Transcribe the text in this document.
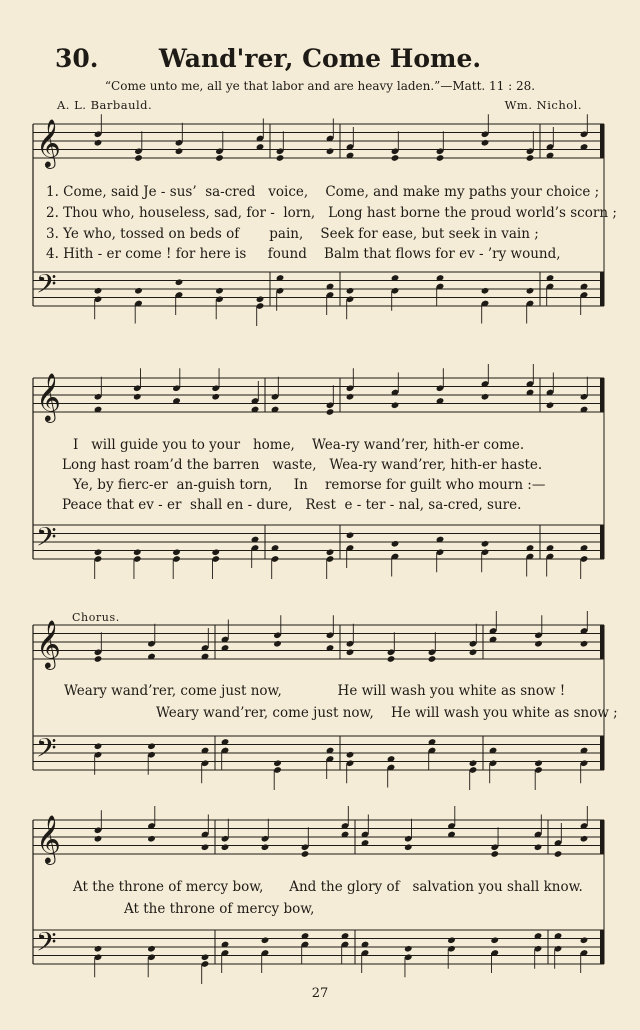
30.	Wand'rer, Come Home.
“Come unto me, all ye that labor and are heavy laden.”—Matt. 11 : 28.
A. L. Barbauld.	Wm. Nichol.
𝄞
𝄢
𝄞
𝄢
𝄞
𝄢
𝄞
𝄢
1. Come, said Je - sus’  sa-cred   voice,    Come, and make my paths your choice ;
2. Thou who, houseless, sad, for -  lorn,   Long hast borne the proud world’s scorn ;
3. Ye who, tossed on beds of       pain,    Seek for ease, but seek in vain ;
4. Hith - er come ! for here is     found    Balm that flows for ev - ’ry wound,
I   will guide you to your   home,    Wea-ry wand’rer, hith-er come.
Long hast roam’d the barren   waste,   Wea-ry wand’rer, hith-er haste.
Ye, by fierc-er  an-guish torn,     In    remorse for guilt who mourn :—
Peace that ev - er  shall en - dure,   Rest  e - ter - nal, sa-cred, sure.
Chorus.
Weary wand’rer, come just now,             He will wash you white as snow !
Weary wand’rer, come just now,    He will wash you white as snow ;
At the throne of mercy bow,      And the glory of   salvation you shall know.
At the throne of mercy bow,
27
